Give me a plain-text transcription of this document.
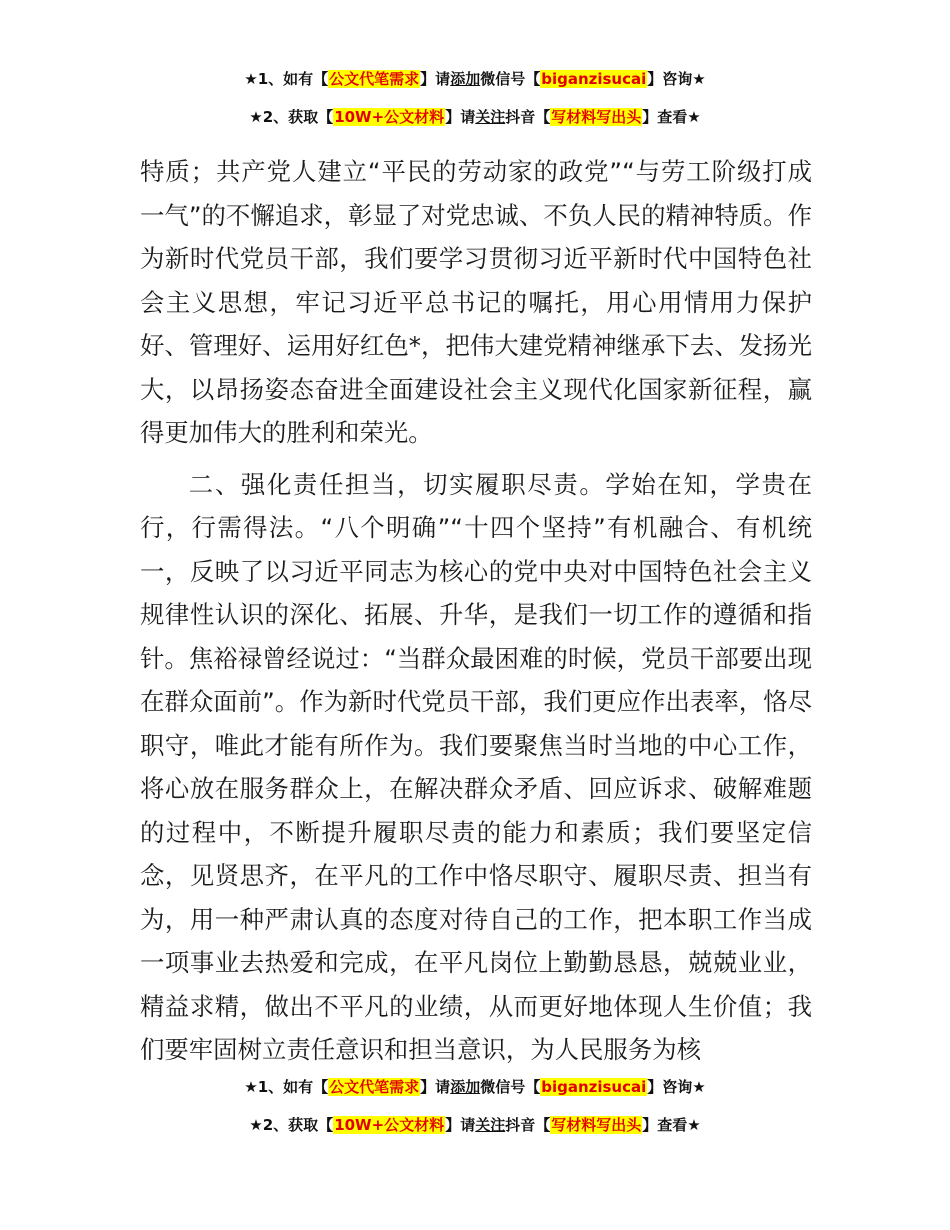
★1、如有【公文代笔需求】请添加微信号【biganzisucai】咨询★
★2、获取【10W+公文材料】请关注抖音【写材料写出头】查看★

特质；共产党人建立“平民的劳动家的政党”“与劳工阶级打成一气”的不懈追求，彰显了对党忠诚、不负人民的精神特质。作为新时代党员干部，我们要学习贯彻习近平新时代中国特色社会主义思想，牢记习近平总书记的嘱托，用心用情用力保护好、管理好、运用好红色*，把伟大建党精神继承下去、发扬光大，以昂扬姿态奋进全面建设社会主义现代化国家新征程，赢得更加伟大的胜利和荣光。

二、强化责任担当，切实履职尽责。学始在知，学贵在行，行需得法。“八个明确”“十四个坚持”有机融合、有机统一，反映了以习近平同志为核心的党中央对中国特色社会主义规律性认识的深化、拓展、升华，是我们一切工作的遵循和指针。焦裕禄曾经说过：“当群众最困难的时候，党员干部要出现在群众面前”。作为新时代党员干部，我们更应作出表率，恪尽职守，唯此才能有所作为。我们要聚焦当时当地的中心工作，将心放在服务群众上，在解决群众矛盾、回应诉求、破解难题的过程中，不断提升履职尽责的能力和素质；我们要坚定信念，见贤思齐，在平凡的工作中恪尽职守、履职尽责、担当有为，用一种严肃认真的态度对待自己的工作，把本职工作当成一项事业去热爱和完成，在平凡岗位上勤勤恳恳，兢兢业业，精益求精，做出不平凡的业绩，从而更好地体现人生价值；我们要牢固树立责任意识和担当意识，为人民服务为核

★1、如有【公文代笔需求】请添加微信号【biganzisucai】咨询★
★2、获取【10W+公文材料】请关注抖音【写材料写出头】查看★
